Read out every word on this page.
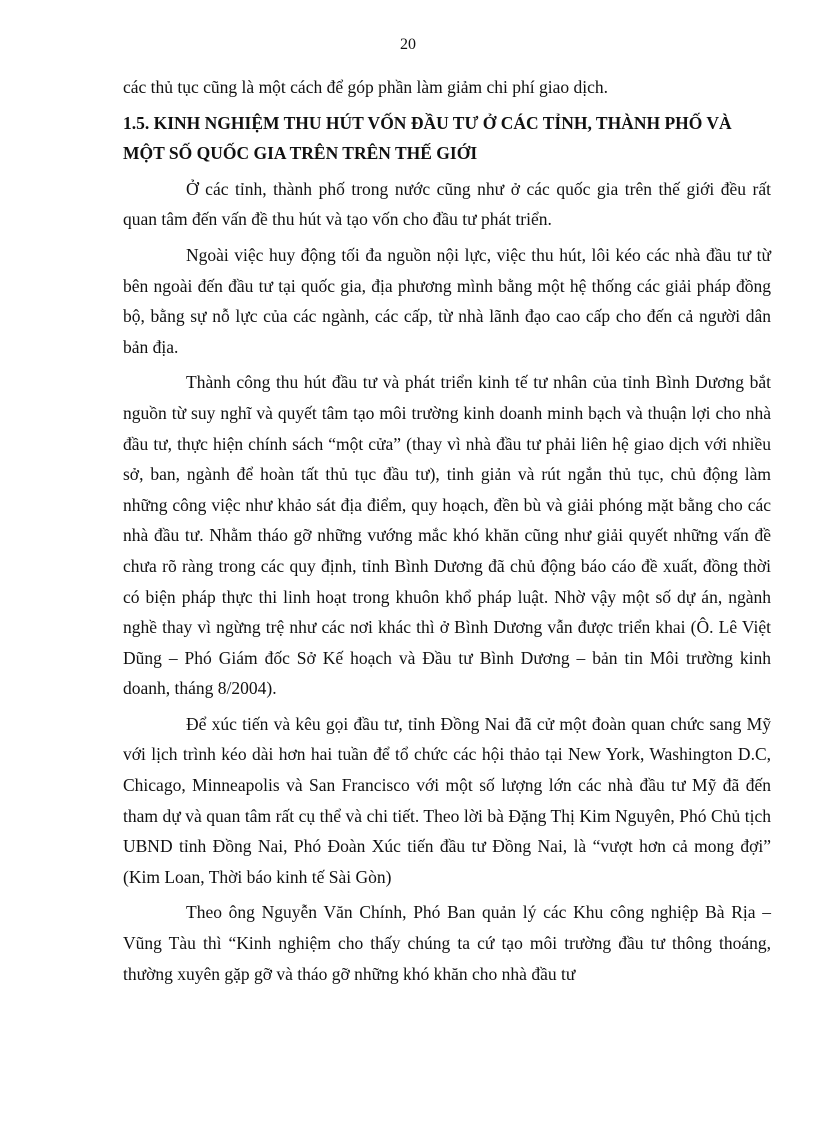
20

các thủ tục cũng là một cách để góp phần làm giảm chi phí giao dịch.

1.5. KINH NGHIỆM THU HÚT VỐN ĐẦU TƯ Ở CÁC TỈNH, THÀNH PHỐ VÀ MỘT SỐ QUỐC GIA TRÊN TRÊN THẾ GIỚI

Ở các tỉnh, thành phố trong nước cũng như ở các quốc gia trên thế giới đều rất quan tâm đến vấn đề thu hút và tạo vốn cho đầu tư phát triển.

Ngoài việc huy động tối đa nguồn nội lực, việc thu hút, lôi kéo các nhà đầu tư từ bên ngoài đến đầu tư tại quốc gia, địa phương mình bằng một hệ thống các giải pháp đồng bộ, bằng sự nỗ lực của các ngành, các cấp, từ nhà lãnh đạo cao cấp cho đến cả người dân bản địa.

Thành công thu hút đầu tư và phát triển kinh tế tư nhân của tỉnh Bình Dương bắt nguồn từ suy nghĩ và quyết tâm tạo môi trường kinh doanh minh bạch và thuận lợi cho nhà đầu tư, thực hiện chính sách “một cửa” (thay vì nhà đầu tư phải liên hệ giao dịch với nhiều sở, ban, ngành để hoàn tất thủ tục đầu tư), tinh giản và rút ngắn thủ tục, chủ động làm những công việc như khảo sát địa điểm, quy hoạch, đền bù và giải phóng mặt bằng cho các nhà đầu tư. Nhằm tháo gỡ những vướng mắc khó khăn cũng như giải quyết những vấn đề chưa rõ ràng trong các quy định, tỉnh Bình Dương đã chủ động báo cáo đề xuất, đồng thời có biện pháp thực thi linh hoạt trong khuôn khổ pháp luật. Nhờ vậy một số dự án, ngành nghề thay vì ngừng trệ như các nơi khác thì ở Bình Dương vẫn được triển khai (Ô. Lê Việt Dũng – Phó Giám đốc Sở Kế hoạch và Đầu tư Bình Dương – bản tin Môi trường kinh doanh, tháng 8/2004).

Để xúc tiến và kêu gọi đầu tư, tỉnh Đồng Nai đã cử một đoàn quan chức sang Mỹ với lịch trình kéo dài hơn hai tuần để tổ chức các hội thảo tại New York, Washington D.C, Chicago, Minneapolis và San Francisco với một số lượng lớn các nhà đầu tư Mỹ đã đến tham dự và quan tâm rất cụ thể và chi tiết. Theo lời bà Đặng Thị Kim Nguyên, Phó Chủ tịch UBND tỉnh Đồng Nai, Phó Đoàn Xúc tiến đầu tư Đồng Nai, là “vượt hơn cả mong đợi” (Kim Loan, Thời báo kinh tế Sài Gòn)

Theo ông Nguyễn Văn Chính, Phó Ban quản lý các Khu công nghiệp Bà Rịa – Vũng Tàu thì “Kinh nghiệm cho thấy chúng ta cứ tạo môi trường đầu tư thông thoáng, thường xuyên gặp gỡ và tháo gỡ những khó khăn cho nhà đầu tư
